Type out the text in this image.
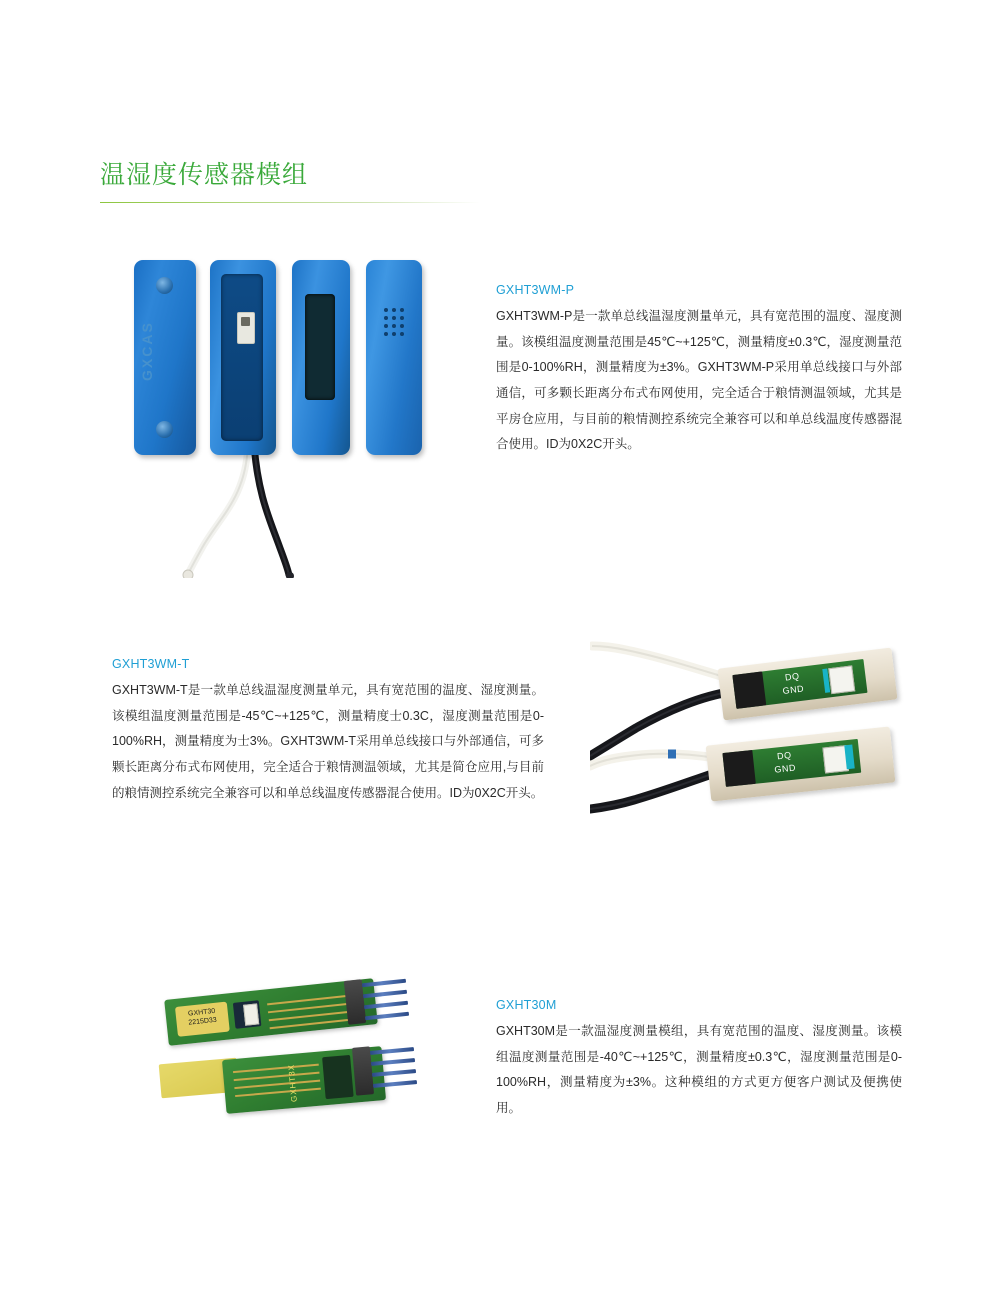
温湿度传感器模组
GXCAS
GXHT3WM-P

GXHT3WM-P是一款单总线温湿度测量单元，具有宽范围的温度、湿度测量。该模组温度测量范围是45℃~+125℃，测量精度±0.3℃，湿度测量范围是0-100%RH，测量精度为±3%。GXHT3WM-P采用单总线接口与外部通信，可多颗长距离分布式布网使用，完全适合于粮情测温领域，尤其是平房仓应用，与目前的粮情测控系统完全兼容可以和单总线温度传感器混合使用。ID为0X2C开头。

GXHT3WM-T

GXHT3WM-T是一款单总线温湿度测量单元，具有宽范围的温度、湿度测量。该模组温度测量范围是-45℃~+125℃，测量精度士0.3C，湿度测量范围是0-100%RH，测量精度为士3%。GXHT3WM-T采用单总线接口与外部通信，可多颗长距离分布式布网使用，完全适合于粮情测温领域，尤其是简仓应用,与目前的粮情测控系统完全兼容可以和单总线温度传感器混合使用。ID为0X2C开头。

DQ
GND
DQ
GND
GXHT30
2215D33
GXHT3X
GXHT30M

GXHT30M是一款温湿度测量模组，具有宽范围的温度、湿度测量。该模组温度测量范围是-40℃~+125℃，测量精度±0.3℃，湿度测量范围是0-100%RH，测量精度为±3%。这种模组的方式更方便客户测试及便携使用。
